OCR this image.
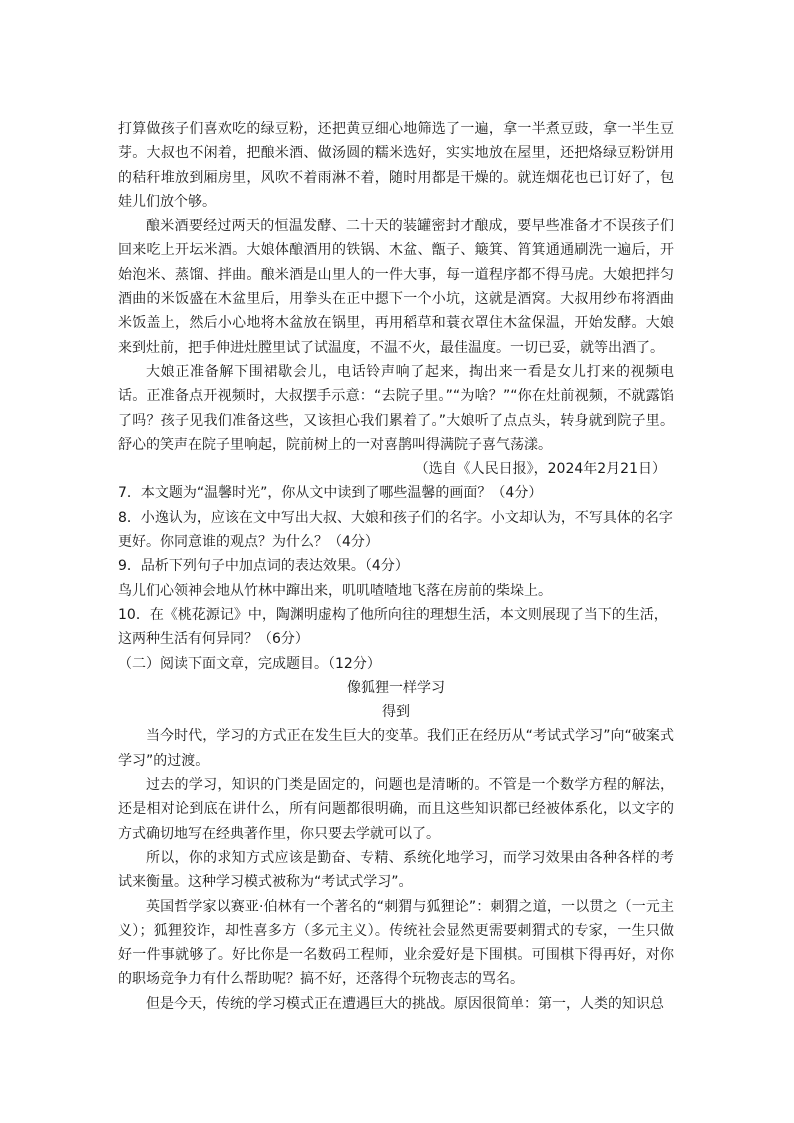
打算做孩子们喜欢吃的绿豆粉，还把黄豆细心地筛选了一遍，拿一半煮豆豉，拿一半生豆芽。大叔也不闲着，把酿米酒、做汤圆的糯米选好，实实地放在屋里，还把烙绿豆粉饼用的秸秆堆放到厢房里，风吹不着雨淋不着，随时用都是干燥的。就连烟花也已订好了，包娃儿们放个够。

酿米酒要经过两天的恒温发酵、二十天的装罐密封才酿成，要早些准备才不误孩子们回来吃上开坛米酒。大娘体酿酒用的铁锅、木盆、甑子、簸箕、筲箕通通刷洗一遍后，开始泡米、蒸馏、拌曲。酿米酒是山里人的一件大事，每一道程序都不得马虎。大娘把拌匀酒曲的米饭盛在木盆里后，用拳头在正中摁下一个小坑，这就是酒窝。大叔用纱布将酒曲米饭盖上，然后小心地将木盆放在锅里，再用稻草和蓑衣罩住木盆保温，开始发酵。大娘来到灶前，把手伸进灶膛里试了试温度，不温不火，最佳温度。一切已妥，就等出酒了。

大娘正准备解下围裙歇会儿，电话铃声响了起来，掏出来一看是女儿打来的视频电话。正准备点开视频时，大叔摆手示意：“去院子里。”“为啥？”“你在灶前视频，不就露馅了吗？孩子见我们准备这些，又该担心我们累着了。”大娘听了点点头，转身就到院子里。舒心的笑声在院子里响起，院前树上的一对喜鹊叫得满院子喜气荡漾。

（选自《人民日报》，2024年2月21日）

7．本文题为“温馨时光”，你从文中读到了哪些温馨的画面？（4分）

8．小逸认为，应该在文中写出大叔、大娘和孩子们的名字。小文却认为，不写具体的名字更好。你同意谁的观点？为什么？（4分）

9．品析下列句子中加点词的表达效果。（4分）

鸟儿们心领神会地从竹林中蹿出来，叽叽喳喳地飞落在房前的柴垛上。

10．在《桃花源记》中，陶渊明虚构了他所向往的理想生活，本文则展现了当下的生活，这两种生活有何异同？（6分）

（二）阅读下面文章，完成题目。（12分）

像狐狸一样学习

得到

当今时代，学习的方式正在发生巨大的变革。我们正在经历从“考试式学习”向“破案式学习”的过渡。

过去的学习，知识的门类是固定的，问题也是清晰的。不管是一个数学方程的解法，还是相对论到底在讲什么，所有问题都很明确，而且这些知识都已经被体系化，以文字的方式确切地写在经典著作里，你只要去学就可以了。

所以，你的求知方式应该是勤奋、专精、系统化地学习，而学习效果由各种各样的考试来衡量。这种学习模式被称为“考试式学习”。

英国哲学家以赛亚·伯林有一个著名的“刺猬与狐狸论”：刺猬之道，一以贯之（一元主义）；狐狸狡诈，却性喜多方（多元主义）。传统社会显然更需要刺猬式的专家，一生只做好一件事就够了。好比你是一名数码工程师，业余爱好是下围棋。可围棋下得再好，对你的职场竞争力有什么帮助呢？搞不好，还落得个玩物丧志的骂名。

但是今天，传统的学习模式正在遭遇巨大的挑战。原因很简单：第一，人类的知识总
